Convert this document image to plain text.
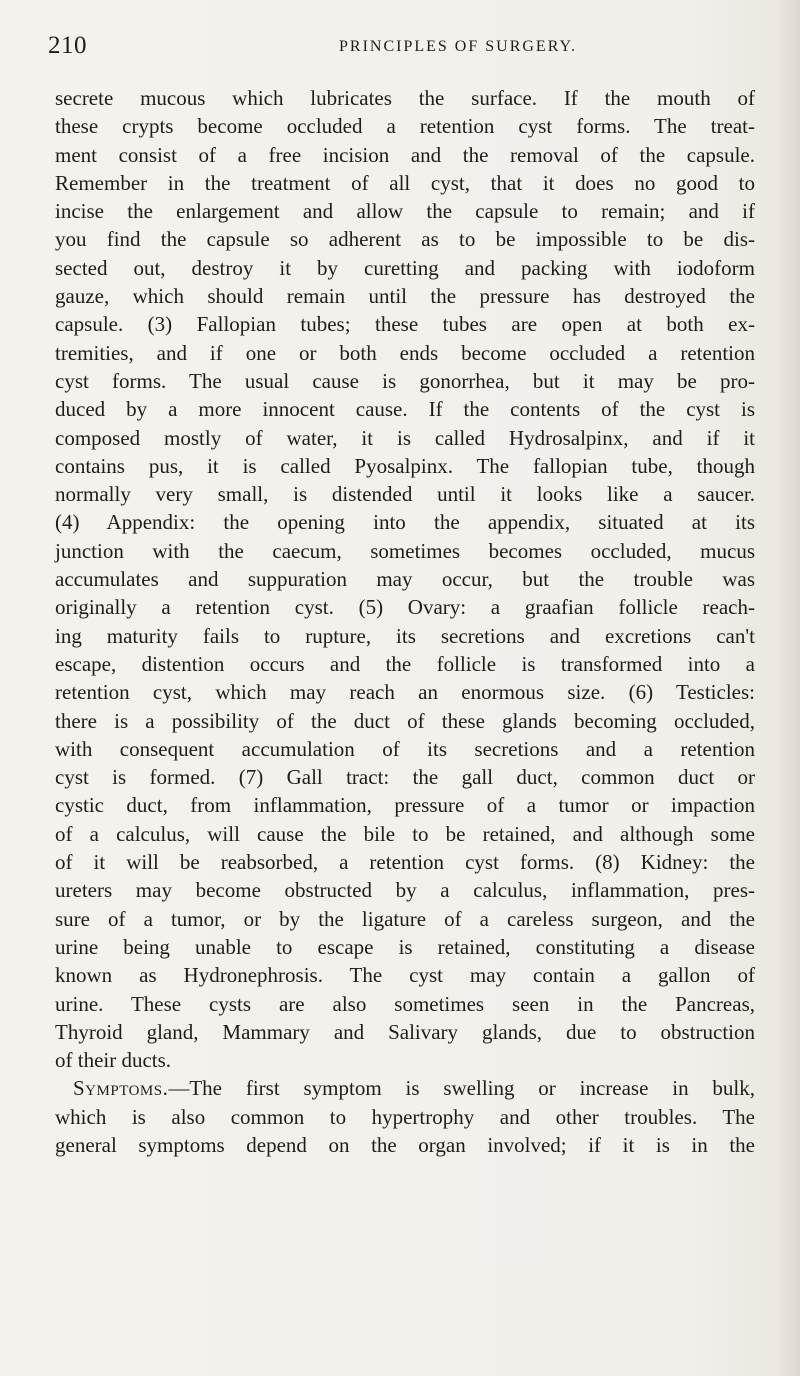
210	PRINCIPLES OF SURGERY.
secrete mucous which lubricates the surface. If the mouth of
these crypts become occluded a retention cyst forms. The treat-
ment consist of a free incision and the removal of the capsule.
Remember in the treatment of all cyst, that it does no good to
incise the enlargement and allow the capsule to remain; and if
you find the capsule so adherent as to be impossible to be dis-
sected out, destroy it by curetting and packing with iodoform
gauze, which should remain until the pressure has destroyed the
capsule. (3) Fallopian tubes; these tubes are open at both ex-
tremities, and if one or both ends become occluded a retention
cyst forms. The usual cause is gonorrhea, but it may be pro-
duced by a more innocent cause. If the contents of the cyst is
composed mostly of water, it is called Hydrosalpinx, and if it
contains pus, it is called Pyosalpinx. The fallopian tube, though
normally very small, is distended until it looks like a saucer.
(4) Appendix: the opening into the appendix, situated at its
junction with the caecum, sometimes becomes occluded, mucus
accumulates and suppuration may occur, but the trouble was
originally a retention cyst. (5) Ovary: a graafian follicle reach-
ing maturity fails to rupture, its secretions and excretions can't
escape, distention occurs and the follicle is transformed into a
retention cyst, which may reach an enormous size. (6) Testicles:
there is a possibility of the duct of these glands becoming occluded,
with consequent accumulation of its secretions and a retention
cyst is formed. (7) Gall tract: the gall duct, common duct or
cystic duct, from inflammation, pressure of a tumor or impaction
of a calculus, will cause the bile to be retained, and although some
of it will be reabsorbed, a retention cyst forms. (8) Kidney: the
ureters may become obstructed by a calculus, inflammation, pres-
sure of a tumor, or by the ligature of a careless surgeon, and the
urine being unable to escape is retained, constituting a disease
known as Hydronephrosis. The cyst may contain a gallon of
urine. These cysts are also sometimes seen in the Pancreas,
Thyroid gland, Mammary and Salivary glands, due to obstruction
of their ducts.
Symptoms.—The first symptom is swelling or increase in bulk,
which is also common to hypertrophy and other troubles. The
general symptoms depend on the organ involved; if it is in the
